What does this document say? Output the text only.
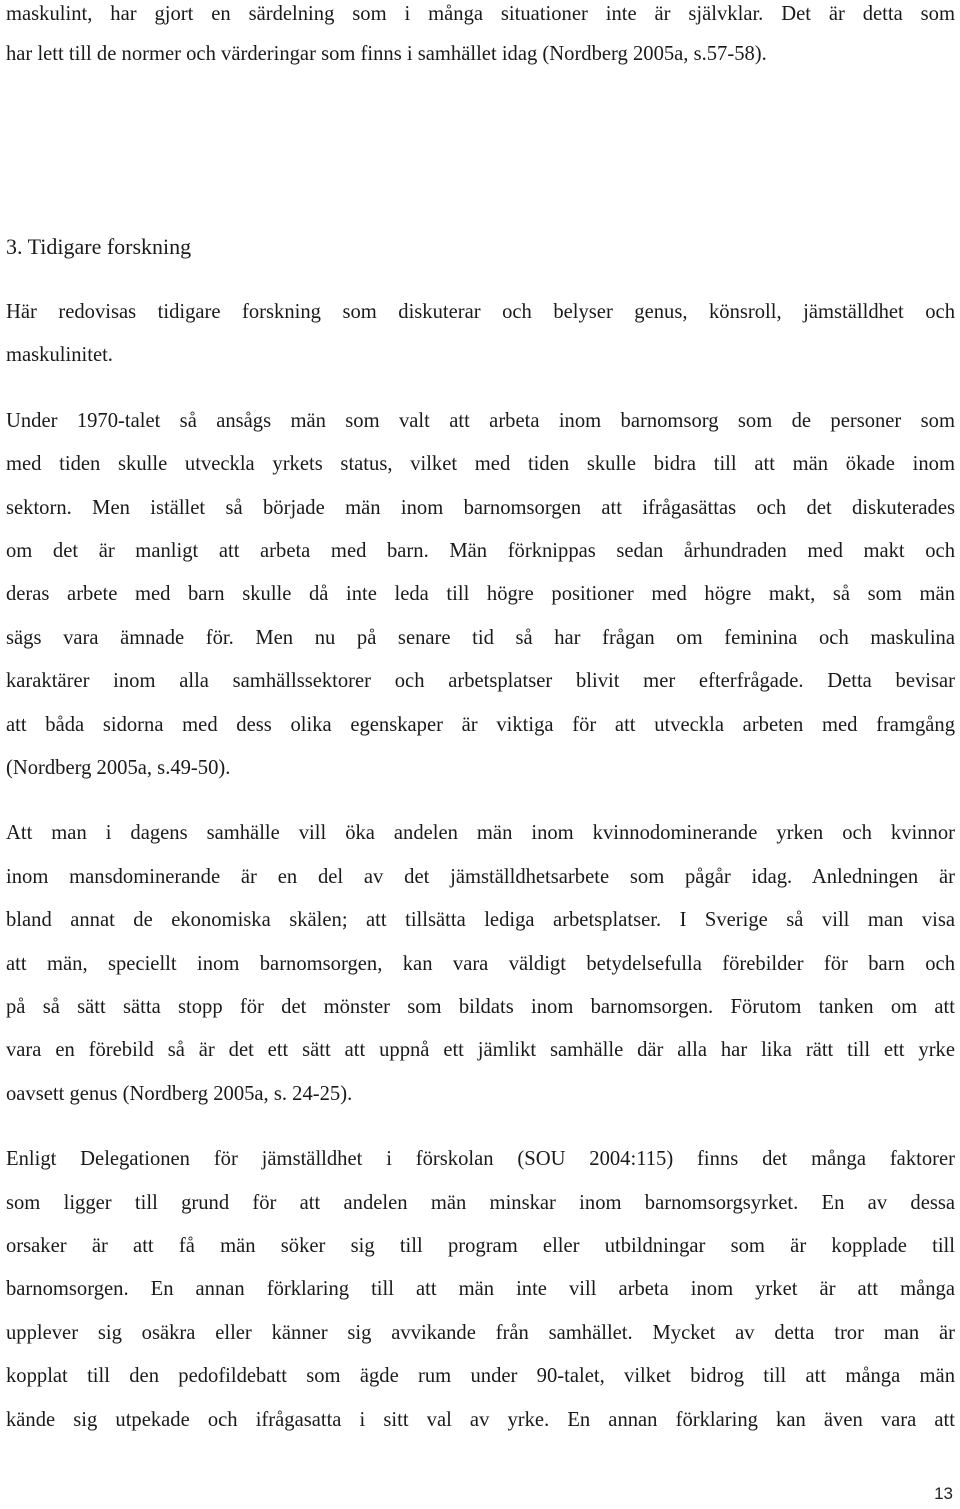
maskulint, har gjort en särdelning som i många situationer inte är självklar. Det är detta som
har lett till de normer och värderingar som finns i samhället idag (Nordberg 2005a, s.57-58).
3. Tidigare forskning
Här redovisas tidigare forskning som diskuterar och belyser genus, könsroll, jämställdhet och
maskulinitet.
Under 1970-talet så ansågs män som valt att arbeta inom barnomsorg som de personer som
med tiden skulle utveckla yrkets status, vilket med tiden skulle bidra till att män ökade inom
sektorn. Men istället så började män inom barnomsorgen att ifrågasättas och det diskuterades
om det är manligt att arbeta med barn. Män förknippas sedan århundraden med makt och
deras arbete med barn skulle då inte leda till högre positioner med högre makt, så som män
sägs vara ämnade för. Men nu på senare tid så har frågan om feminina och maskulina
karaktärer inom alla samhällssektorer och arbetsplatser blivit mer efterfrågade. Detta bevisar
att båda sidorna med dess olika egenskaper är viktiga för att utveckla arbeten med framgång
(Nordberg 2005a, s.49-50).
Att man i dagens samhälle vill öka andelen män inom kvinnodominerande yrken och kvinnor
inom mansdominerande är en del av det jämställdhetsarbete som pågår idag. Anledningen är
bland annat de ekonomiska skälen; att tillsätta lediga arbetsplatser. I Sverige så vill man visa
att män, speciellt inom barnomsorgen, kan vara väldigt betydelsefulla förebilder för barn och
på så sätt sätta stopp för det mönster som bildats inom barnomsorgen. Förutom tanken om att
vara en förebild så är det ett sätt att uppnå ett jämlikt samhälle där alla har lika rätt till ett yrke
oavsett genus (Nordberg 2005a, s. 24-25).
Enligt Delegationen för jämställdhet i förskolan (SOU 2004:115) finns det många faktorer
som ligger till grund för att andelen män minskar inom barnomsorgsyrket. En av dessa
orsaker är att få män söker sig till program eller utbildningar som är kopplade till
barnomsorgen. En annan förklaring till att män inte vill arbeta inom yrket är att många
upplever sig osäkra eller känner sig avvikande från samhället. Mycket av detta tror man är
kopplat till den pedofildebatt som ägde rum under 90-talet, vilket bidrog till att många män
kände sig utpekade och ifrågasatta i sitt val av yrke. En annan förklaring kan även vara att
13
